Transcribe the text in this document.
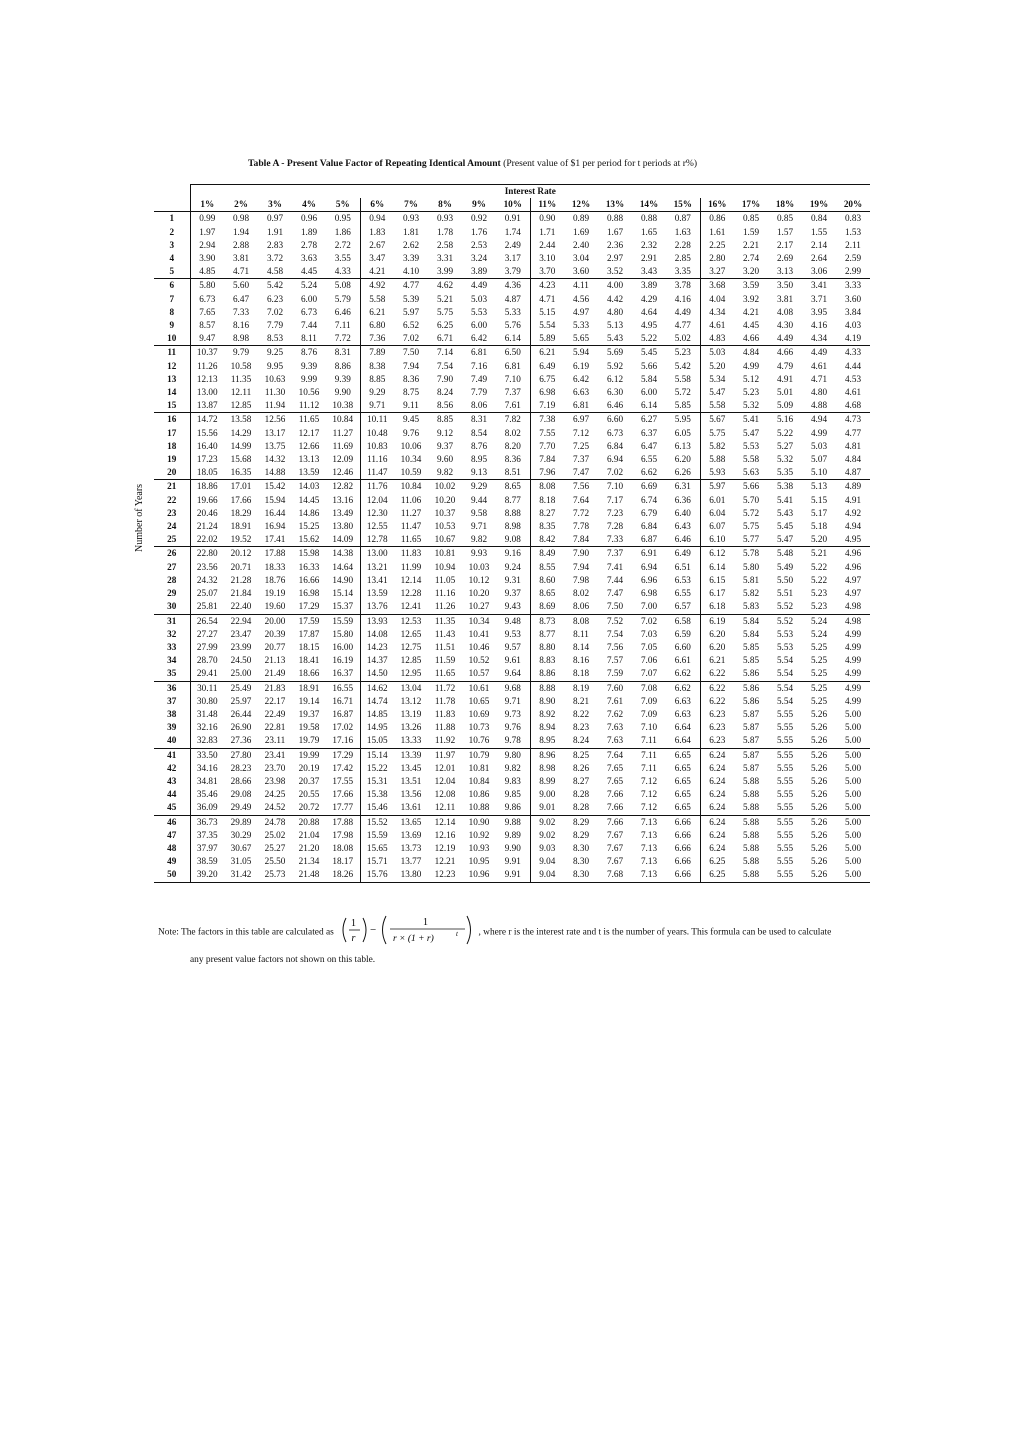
Table A - Present Value Factor of Repeating Identical Amount (Present value of $1 per period for t periods at r%)
Number of Years
	Interest Rate																			
	1%	2%	3%	4%	5%	6%	7%	8%	9%	10%	11%	12%	13%	14%	15%	16%	17%	18%	19%	20%
1	0.99	0.98	0.97	0.96	0.95	0.94	0.93	0.93	0.92	0.91	0.90	0.89	0.88	0.88	0.87	0.86	0.85	0.85	0.84	0.83
2	1.97	1.94	1.91	1.89	1.86	1.83	1.81	1.78	1.76	1.74	1.71	1.69	1.67	1.65	1.63	1.61	1.59	1.57	1.55	1.53
3	2.94	2.88	2.83	2.78	2.72	2.67	2.62	2.58	2.53	2.49	2.44	2.40	2.36	2.32	2.28	2.25	2.21	2.17	2.14	2.11
4	3.90	3.81	3.72	3.63	3.55	3.47	3.39	3.31	3.24	3.17	3.10	3.04	2.97	2.91	2.85	2.80	2.74	2.69	2.64	2.59
5	4.85	4.71	4.58	4.45	4.33	4.21	4.10	3.99	3.89	3.79	3.70	3.60	3.52	3.43	3.35	3.27	3.20	3.13	3.06	2.99
6	5.80	5.60	5.42	5.24	5.08	4.92	4.77	4.62	4.49	4.36	4.23	4.11	4.00	3.89	3.78	3.68	3.59	3.50	3.41	3.33
7	6.73	6.47	6.23	6.00	5.79	5.58	5.39	5.21	5.03	4.87	4.71	4.56	4.42	4.29	4.16	4.04	3.92	3.81	3.71	3.60
8	7.65	7.33	7.02	6.73	6.46	6.21	5.97	5.75	5.53	5.33	5.15	4.97	4.80	4.64	4.49	4.34	4.21	4.08	3.95	3.84
9	8.57	8.16	7.79	7.44	7.11	6.80	6.52	6.25	6.00	5.76	5.54	5.33	5.13	4.95	4.77	4.61	4.45	4.30	4.16	4.03
10	9.47	8.98	8.53	8.11	7.72	7.36	7.02	6.71	6.42	6.14	5.89	5.65	5.43	5.22	5.02	4.83	4.66	4.49	4.34	4.19
11	10.37	9.79	9.25	8.76	8.31	7.89	7.50	7.14	6.81	6.50	6.21	5.94	5.69	5.45	5.23	5.03	4.84	4.66	4.49	4.33
12	11.26	10.58	9.95	9.39	8.86	8.38	7.94	7.54	7.16	6.81	6.49	6.19	5.92	5.66	5.42	5.20	4.99	4.79	4.61	4.44
13	12.13	11.35	10.63	9.99	9.39	8.85	8.36	7.90	7.49	7.10	6.75	6.42	6.12	5.84	5.58	5.34	5.12	4.91	4.71	4.53
14	13.00	12.11	11.30	10.56	9.90	9.29	8.75	8.24	7.79	7.37	6.98	6.63	6.30	6.00	5.72	5.47	5.23	5.01	4.80	4.61
15	13.87	12.85	11.94	11.12	10.38	9.71	9.11	8.56	8.06	7.61	7.19	6.81	6.46	6.14	5.85	5.58	5.32	5.09	4.88	4.68
16	14.72	13.58	12.56	11.65	10.84	10.11	9.45	8.85	8.31	7.82	7.38	6.97	6.60	6.27	5.95	5.67	5.41	5.16	4.94	4.73
17	15.56	14.29	13.17	12.17	11.27	10.48	9.76	9.12	8.54	8.02	7.55	7.12	6.73	6.37	6.05	5.75	5.47	5.22	4.99	4.77
18	16.40	14.99	13.75	12.66	11.69	10.83	10.06	9.37	8.76	8.20	7.70	7.25	6.84	6.47	6.13	5.82	5.53	5.27	5.03	4.81
19	17.23	15.68	14.32	13.13	12.09	11.16	10.34	9.60	8.95	8.36	7.84	7.37	6.94	6.55	6.20	5.88	5.58	5.32	5.07	4.84
20	18.05	16.35	14.88	13.59	12.46	11.47	10.59	9.82	9.13	8.51	7.96	7.47	7.02	6.62	6.26	5.93	5.63	5.35	5.10	4.87
21	18.86	17.01	15.42	14.03	12.82	11.76	10.84	10.02	9.29	8.65	8.08	7.56	7.10	6.69	6.31	5.97	5.66	5.38	5.13	4.89
22	19.66	17.66	15.94	14.45	13.16	12.04	11.06	10.20	9.44	8.77	8.18	7.64	7.17	6.74	6.36	6.01	5.70	5.41	5.15	4.91
23	20.46	18.29	16.44	14.86	13.49	12.30	11.27	10.37	9.58	8.88	8.27	7.72	7.23	6.79	6.40	6.04	5.72	5.43	5.17	4.92
24	21.24	18.91	16.94	15.25	13.80	12.55	11.47	10.53	9.71	8.98	8.35	7.78	7.28	6.84	6.43	6.07	5.75	5.45	5.18	4.94
25	22.02	19.52	17.41	15.62	14.09	12.78	11.65	10.67	9.82	9.08	8.42	7.84	7.33	6.87	6.46	6.10	5.77	5.47	5.20	4.95
26	22.80	20.12	17.88	15.98	14.38	13.00	11.83	10.81	9.93	9.16	8.49	7.90	7.37	6.91	6.49	6.12	5.78	5.48	5.21	4.96
27	23.56	20.71	18.33	16.33	14.64	13.21	11.99	10.94	10.03	9.24	8.55	7.94	7.41	6.94	6.51	6.14	5.80	5.49	5.22	4.96
28	24.32	21.28	18.76	16.66	14.90	13.41	12.14	11.05	10.12	9.31	8.60	7.98	7.44	6.96	6.53	6.15	5.81	5.50	5.22	4.97
29	25.07	21.84	19.19	16.98	15.14	13.59	12.28	11.16	10.20	9.37	8.65	8.02	7.47	6.98	6.55	6.17	5.82	5.51	5.23	4.97
30	25.81	22.40	19.60	17.29	15.37	13.76	12.41	11.26	10.27	9.43	8.69	8.06	7.50	7.00	6.57	6.18	5.83	5.52	5.23	4.98
31	26.54	22.94	20.00	17.59	15.59	13.93	12.53	11.35	10.34	9.48	8.73	8.08	7.52	7.02	6.58	6.19	5.84	5.52	5.24	4.98
32	27.27	23.47	20.39	17.87	15.80	14.08	12.65	11.43	10.41	9.53	8.77	8.11	7.54	7.03	6.59	6.20	5.84	5.53	5.24	4.99
33	27.99	23.99	20.77	18.15	16.00	14.23	12.75	11.51	10.46	9.57	8.80	8.14	7.56	7.05	6.60	6.20	5.85	5.53	5.25	4.99
34	28.70	24.50	21.13	18.41	16.19	14.37	12.85	11.59	10.52	9.61	8.83	8.16	7.57	7.06	6.61	6.21	5.85	5.54	5.25	4.99
35	29.41	25.00	21.49	18.66	16.37	14.50	12.95	11.65	10.57	9.64	8.86	8.18	7.59	7.07	6.62	6.22	5.86	5.54	5.25	4.99
36	30.11	25.49	21.83	18.91	16.55	14.62	13.04	11.72	10.61	9.68	8.88	8.19	7.60	7.08	6.62	6.22	5.86	5.54	5.25	4.99
37	30.80	25.97	22.17	19.14	16.71	14.74	13.12	11.78	10.65	9.71	8.90	8.21	7.61	7.09	6.63	6.22	5.86	5.54	5.25	4.99
38	31.48	26.44	22.49	19.37	16.87	14.85	13.19	11.83	10.69	9.73	8.92	8.22	7.62	7.09	6.63	6.23	5.87	5.55	5.26	5.00
39	32.16	26.90	22.81	19.58	17.02	14.95	13.26	11.88	10.73	9.76	8.94	8.23	7.63	7.10	6.64	6.23	5.87	5.55	5.26	5.00
40	32.83	27.36	23.11	19.79	17.16	15.05	13.33	11.92	10.76	9.78	8.95	8.24	7.63	7.11	6.64	6.23	5.87	5.55	5.26	5.00
41	33.50	27.80	23.41	19.99	17.29	15.14	13.39	11.97	10.79	9.80	8.96	8.25	7.64	7.11	6.65	6.24	5.87	5.55	5.26	5.00
42	34.16	28.23	23.70	20.19	17.42	15.22	13.45	12.01	10.81	9.82	8.98	8.26	7.65	7.11	6.65	6.24	5.87	5.55	5.26	5.00
43	34.81	28.66	23.98	20.37	17.55	15.31	13.51	12.04	10.84	9.83	8.99	8.27	7.65	7.12	6.65	6.24	5.88	5.55	5.26	5.00
44	35.46	29.08	24.25	20.55	17.66	15.38	13.56	12.08	10.86	9.85	9.00	8.28	7.66	7.12	6.65	6.24	5.88	5.55	5.26	5.00
45	36.09	29.49	24.52	20.72	17.77	15.46	13.61	12.11	10.88	9.86	9.01	8.28	7.66	7.12	6.65	6.24	5.88	5.55	5.26	5.00
46	36.73	29.89	24.78	20.88	17.88	15.52	13.65	12.14	10.90	9.88	9.02	8.29	7.66	7.13	6.66	6.24	5.88	5.55	5.26	5.00
47	37.35	30.29	25.02	21.04	17.98	15.59	13.69	12.16	10.92	9.89	9.02	8.29	7.67	7.13	6.66	6.24	5.88	5.55	5.26	5.00
48	37.97	30.67	25.27	21.20	18.08	15.65	13.73	12.19	10.93	9.90	9.03	8.30	7.67	7.13	6.66	6.24	5.88	5.55	5.26	5.00
49	38.59	31.05	25.50	21.34	18.17	15.71	13.77	12.21	10.95	9.91	9.04	8.30	7.67	7.13	6.66	6.25	5.88	5.55	5.26	5.00
50	39.20	31.42	25.73	21.48	18.26	15.76	13.80	12.23	10.96	9.91	9.04	8.30	7.68	7.13	6.66	6.25	5.88	5.55	5.26	5.00
Note: The factors in this table are calculated as
1
r
−
1
r × (1 + r)	t , where r is the interest rate and t is the number of years. This formula can be used to calculate
any present value factors not shown on this table.
